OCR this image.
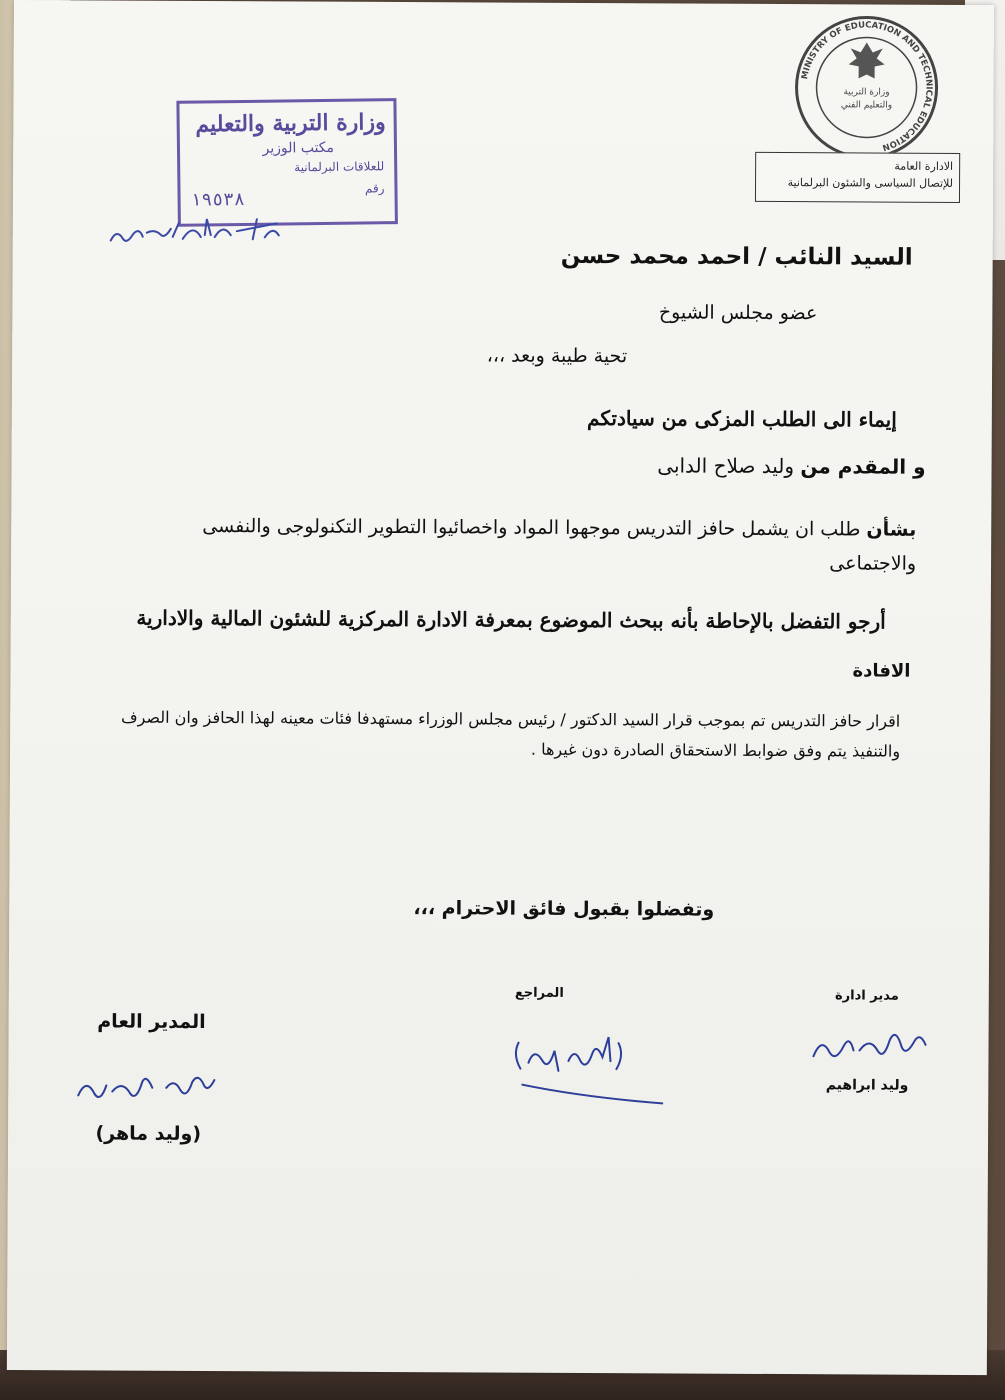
MINISTRY OF EDUCATION AND TECHNICAL EDUCATION
وزارة التربية
والتعليم الفني
الادارة العامة
للإتصال السياسى والشئون البرلمانية
وزارة التربية والتعليم
مكتب الوزير
للعلاقات البرلمانية
رقم
١٩٥٣٨
السيد النائب / احمد محمد حسن
عضو مجلس الشيوخ
تحية طيبة وبعد ،،،
إيماء الى الطلب المزكى من سيادتكم
و المقدم من وليد صلاح الدابى
بشأن طلب ان يشمل حافز التدريس موجهوا المواد واخصائيوا التطوير التكنولوجى والنفسى والاجتماعى
أرجو التفضل بالإحاطة بأنه ببحث الموضوع بمعرفة الادارة المركزية للشئون المالية والادارية
الافادة
اقرار حافز التدريس تم بموجب قرار السيد الدكتور / رئيس مجلس الوزراء مستهدفا فئات معينه لهذا الحافز وان الصرف والتنفيذ يتم وفق ضوابط الاستحقاق الصادرة دون غيرها .
وتفضلوا بقبول فائق الاحترام ،،،
مدير ادارة
المراجع
المدير العام
وليد ابراهيم
(وليد ماهر)
